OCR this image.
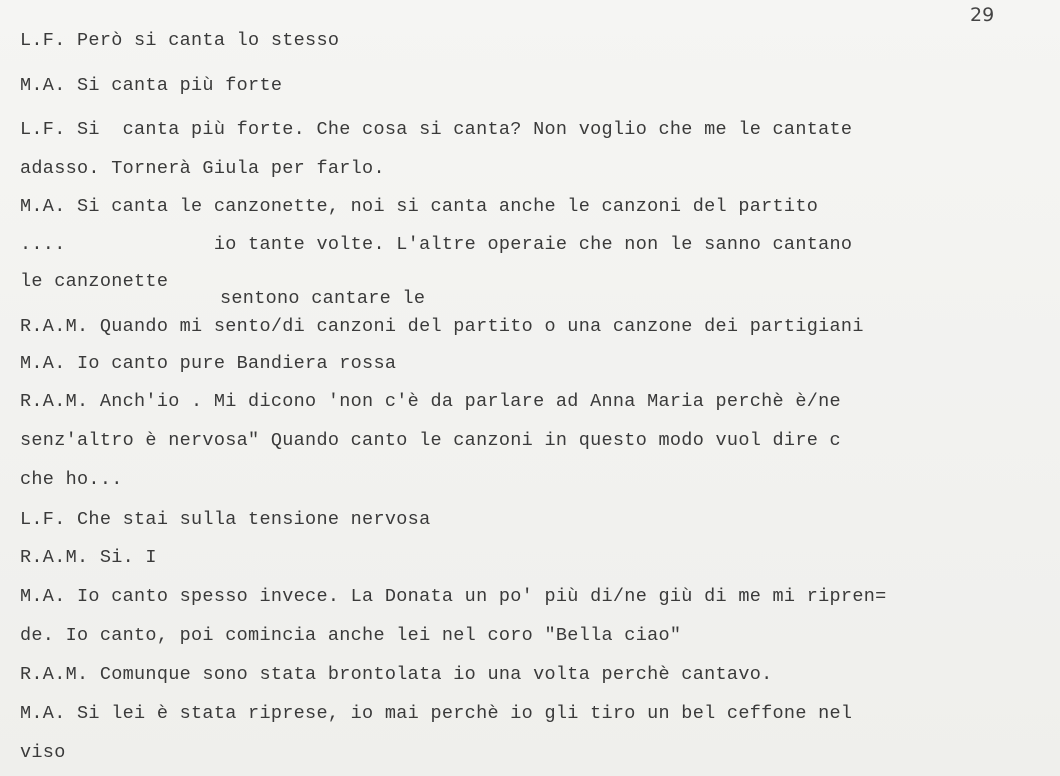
29
L.F. Però si canta lo stesso
M.A. Si canta più forte
L.F. Si  canta più forte. Che cosa si canta? Non voglio che me le cantate
adasso. Tornerà Giula per farlo.
M.A. Si canta le canzonette, noi si canta anche le canzoni del partito
....             io tante volte. L'altre operaie che non le sanno cantano
le canzonette
sentono cantare le
R.A.M. Quando mi sento/di canzoni del partito o una canzone dei partigiani
M.A. Io canto pure Bandiera rossa
R.A.M. Anch'io . Mi dicono 'non c'è da parlare ad Anna Maria perchè è/ne
senz'altro è nervosa" Quando canto le canzoni in questo modo vuol dire c
che ho...
L.F. Che stai sulla tensione nervosa
R.A.M. Si. I
M.A. Io canto spesso invece. La Donata un po' più di/ne giù di me mi ripren=
de. Io canto, poi comincia anche lei nel coro "Bella ciao"
R.A.M. Comunque sono stata brontolata io una volta perchè cantavo.
M.A. Si lei è stata riprese, io mai perchè io gli tiro un bel ceffone nel
viso
